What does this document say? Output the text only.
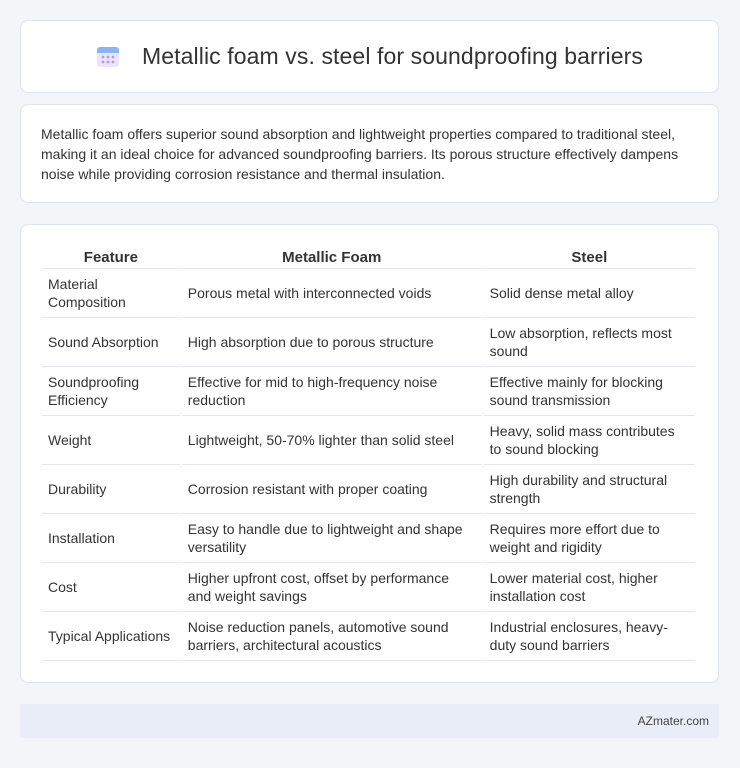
Metallic foam vs. steel for soundproofing barriers

Metallic foam offers superior sound absorption and lightweight properties compared to traditional steel, making it an ideal choice for advanced soundproofing barriers. Its porous structure effectively dampens noise while providing corrosion resistance and thermal insulation.

Feature	Metallic Foam	Steel
Material Composition	Porous metal with interconnected voids	Solid dense metal alloy
Sound Absorption	High absorption due to porous structure	Low absorption, reflects most sound
Soundproofing Efficiency	Effective for mid to high-frequency noise reduction	Effective mainly for blocking sound transmission
Weight	Lightweight, 50-70% lighter than solid steel	Heavy, solid mass contributes to sound blocking
Durability	Corrosion resistant with proper coating	High durability and structural strength
Installation	Easy to handle due to lightweight and shape versatility	Requires more effort due to weight and rigidity
Cost	Higher upfront cost, offset by performance and weight savings	Lower material cost, higher installation cost
Typical Applications	Noise reduction panels, automotive sound barriers, architectural acoustics	Industrial enclosures, heavy-duty sound barriers
AZmater.com
